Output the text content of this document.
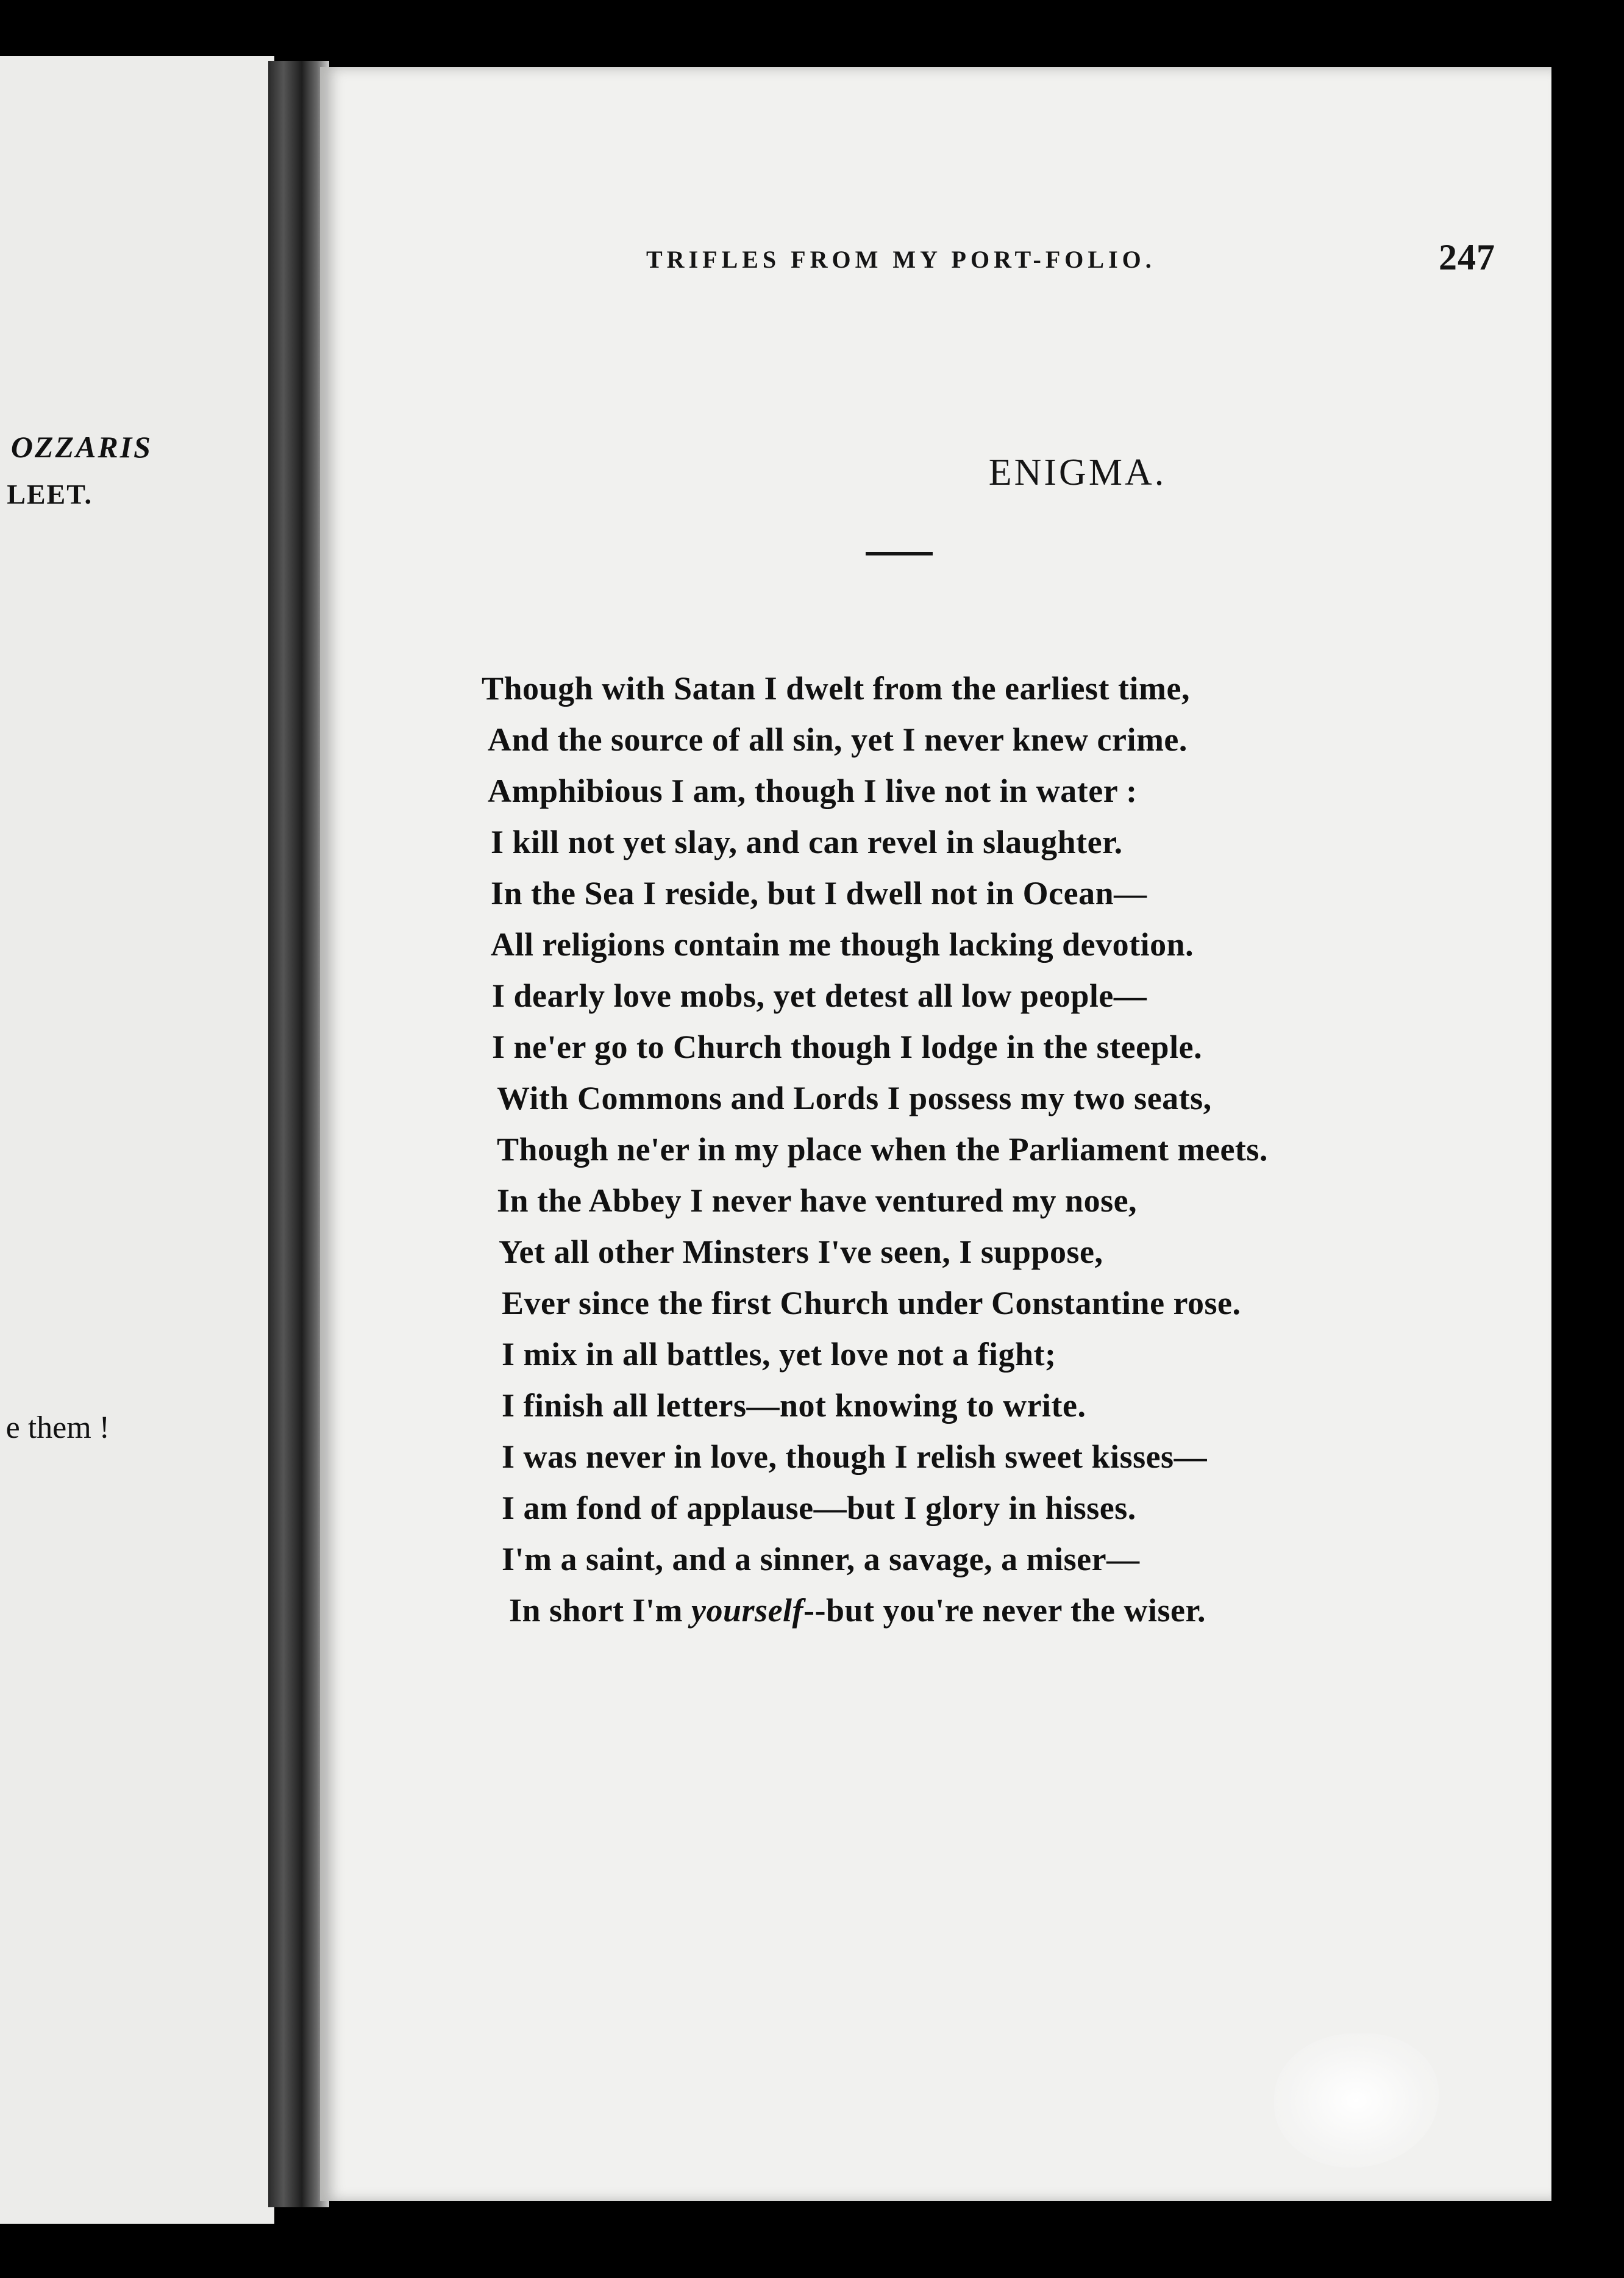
OZZARIS
LEET.
e them !
TRIFLES FROM MY PORT-FOLIO.	247
ENIGMA.
Though with Satan I dwelt from the earliest time,
And the source of all sin, yet I never knew crime.
Amphibious I am, though I live not in water :
I kill not yet slay, and can revel in slaughter.
In the Sea I reside, but I dwell not in Ocean—
All religions contain me though lacking devotion.
I dearly love mobs, yet detest all low people—
I ne'er go to Church though I lodge in the steeple.
With Commons and Lords I possess my two seats,
Though ne'er in my place when the Parliament meets.
In the Abbey I never have ventured my nose,
Yet all other Minsters I've seen, I suppose,
Ever since the first Church under Constantine rose.
I mix in all battles, yet love not a fight;
I finish all letters—not knowing to write.
I was never in love, though I relish sweet kisses—
I am fond of applause—but I glory in hisses.
I'm a saint, and a sinner, a savage, a miser—
In short I'm yourself--but you're never the wiser.
